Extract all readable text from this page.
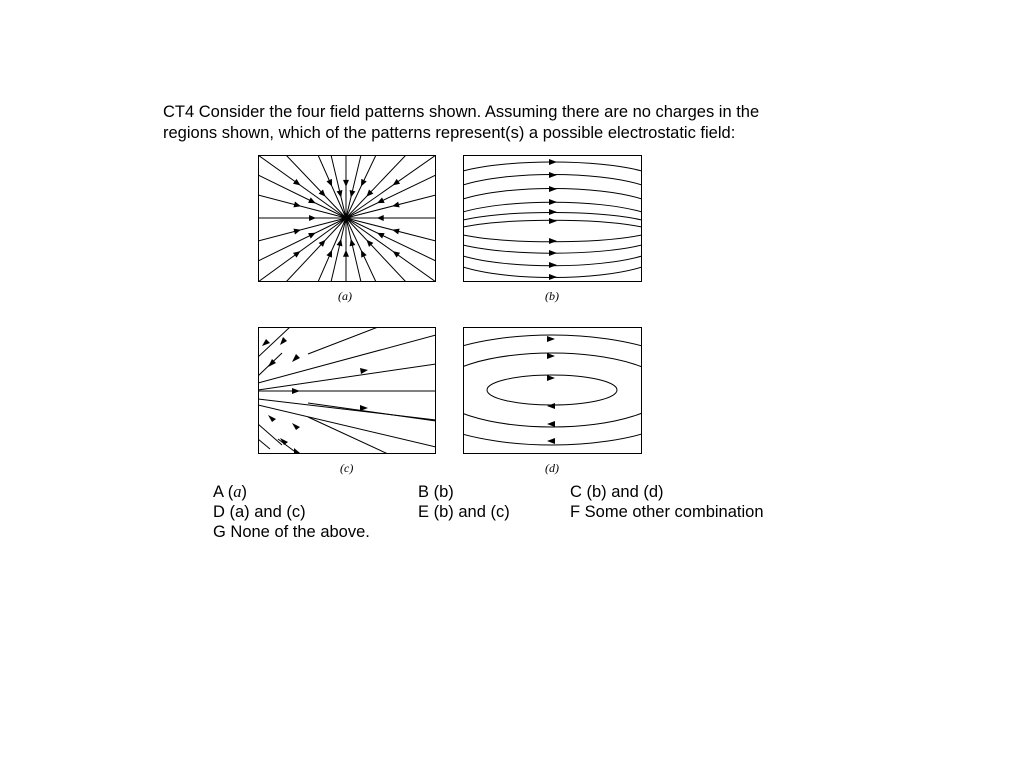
CT4 Consider the four field patterns shown. Assuming there are no charges in the
regions shown, which of the patterns represent(s) a possible electrostatic field:
(a)	(b)
(c)	(d)
A (a)	B (b)	C (b) and (d)
D (a) and (c)	E (b) and (c)	F Some other combination
G None of the above.
